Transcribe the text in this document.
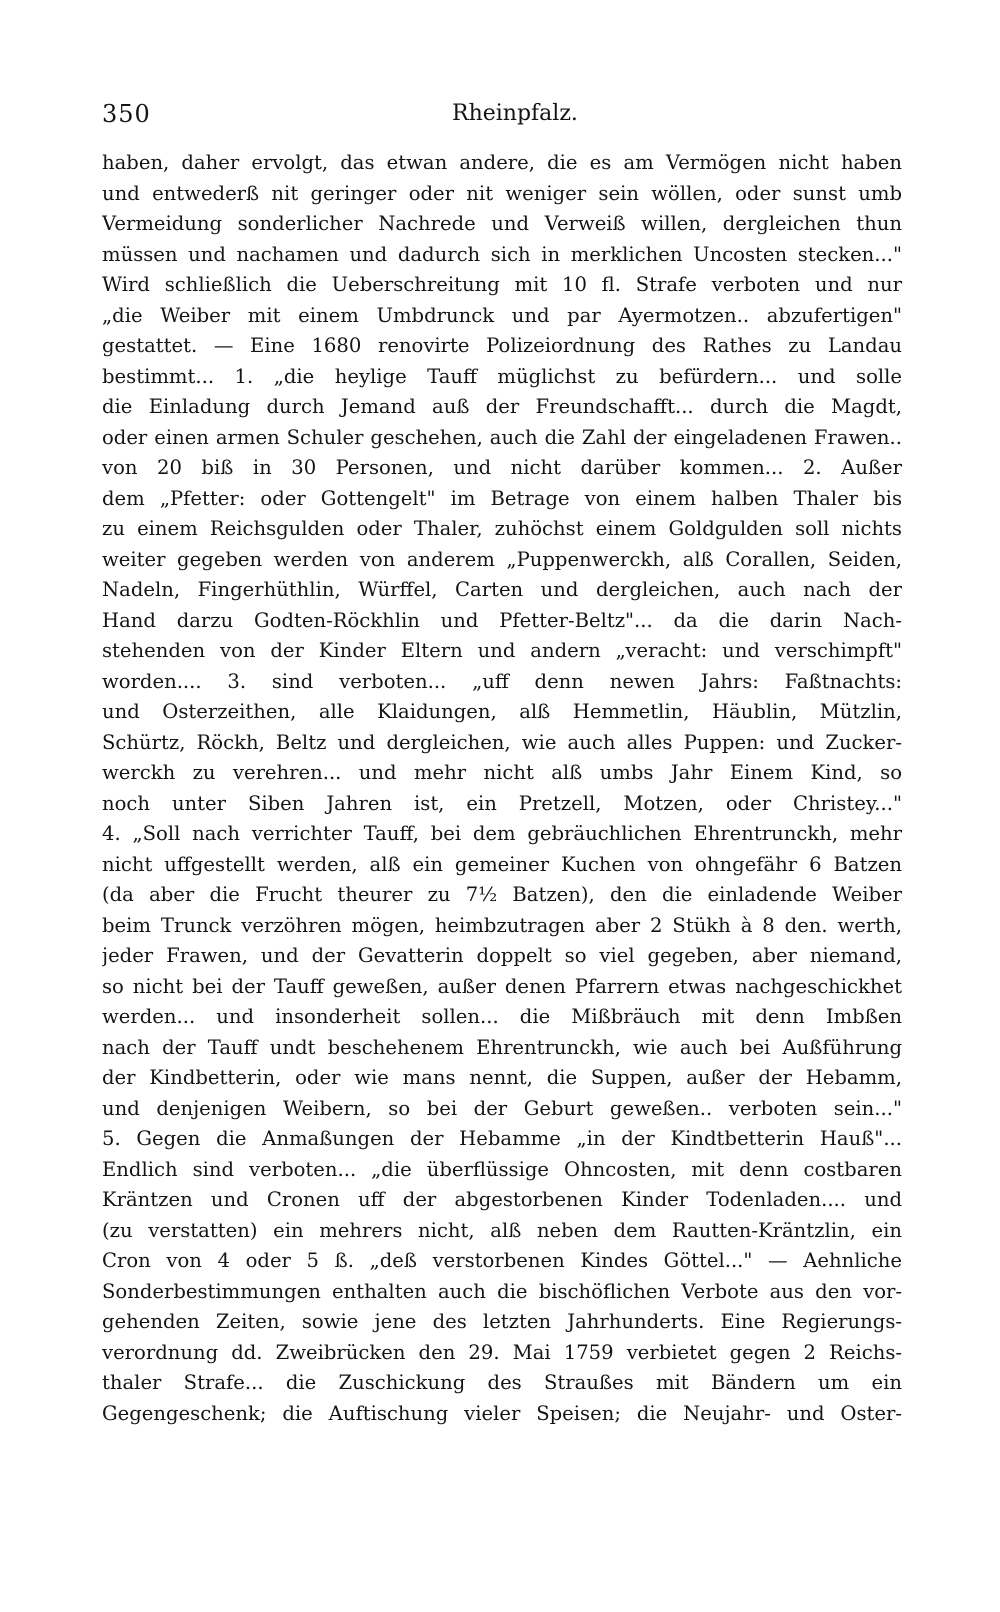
350	Rheinpfalz.
haben, daher ervolgt, das etwan andere, die es am Vermögen nicht haben
und entwederß nit geringer oder nit weniger sein wöllen, oder sunst umb
Vermeidung sonderlicher Nachrede und Verweiß willen, dergleichen thun
müssen und nachamen und dadurch sich in merklichen Uncosten stecken..."
Wird schließlich die Ueberschreitung mit 10 fl. Strafe verboten und nur
„die Weiber mit einem Umbdrunck und par Ayermotzen.. abzufertigen"
gestattet. — Eine 1680 renovirte Polizeiordnung des Rathes zu Landau
bestimmt... 1. „die heylige Tauff müglichst zu befürdern... und solle
die Einladung durch Jemand auß der Freundschafft... durch die Magdt,
oder einen armen Schuler geschehen, auch die Zahl der eingeladenen Frawen..
von 20 biß in 30 Personen, und nicht darüber kommen... 2. Außer
dem „Pfetter: oder Gottengelt" im Betrage von einem halben Thaler bis
zu einem Reichsgulden oder Thaler, zuhöchst einem Goldgulden soll nichts
weiter gegeben werden von anderem „Puppenwerckh, alß Corallen, Seiden,
Nadeln, Fingerhüthlin, Würffel, Carten und dergleichen, auch nach der
Hand darzu Godten-Röckhlin und Pfetter-Beltz"... da die darin Nach-
stehenden von der Kinder Eltern und andern „veracht: und verschimpft"
worden.... 3. sind verboten... „uff denn newen Jahrs: Faßtnachts:
und Osterzeithen, alle Klaidungen, alß Hemmetlin, Häublin, Mützlin,
Schürtz, Röckh, Beltz und dergleichen, wie auch alles Puppen: und Zucker-
werckh zu verehren... und mehr nicht alß umbs Jahr Einem Kind, so
noch unter Siben Jahren ist, ein Pretzell, Motzen, oder Christey..."
4. „Soll nach verrichter Tauff, bei dem gebräuchlichen Ehrentrunckh, mehr
nicht uffgestellt werden, alß ein gemeiner Kuchen von ohngefähr 6 Batzen
(da aber die Frucht theurer zu 7½ Batzen), den die einladende Weiber
beim Trunck verzöhren mögen, heimbzutragen aber 2 Stükh à 8 den. werth,
jeder Frawen, und der Gevatterin doppelt so viel gegeben, aber niemand,
so nicht bei der Tauff geweßen, außer denen Pfarrern etwas nachgeschickhet
werden... und insonderheit sollen... die Mißbräuch mit denn Imbßen
nach der Tauff undt beschehenem Ehrentrunckh, wie auch bei Außführung
der Kindbetterin, oder wie mans nennt, die Suppen, außer der Hebamm,
und denjenigen Weibern, so bei der Geburt geweßen.. verboten sein..."
5. Gegen die Anmaßungen der Hebamme „in der Kindtbetterin Hauß"...
Endlich sind verboten... „die überflüssige Ohncosten, mit denn costbaren
Kräntzen und Cronen uff der abgestorbenen Kinder Todenladen.... und
(zu verstatten) ein mehrers nicht, alß neben dem Rautten-Kräntzlin, ein
Cron von 4 oder 5 ß. „deß verstorbenen Kindes Göttel..." — Aehnliche
Sonderbestimmungen enthalten auch die bischöflichen Verbote aus den vor-
gehenden Zeiten, sowie jene des letzten Jahrhunderts. Eine Regierungs-
verordnung dd. Zweibrücken den 29. Mai 1759 verbietet gegen 2 Reichs-
thaler Strafe... die Zuschickung des Straußes mit Bändern um ein
Gegengeschenk; die Auftischung vieler Speisen; die Neujahr- und Oster-
